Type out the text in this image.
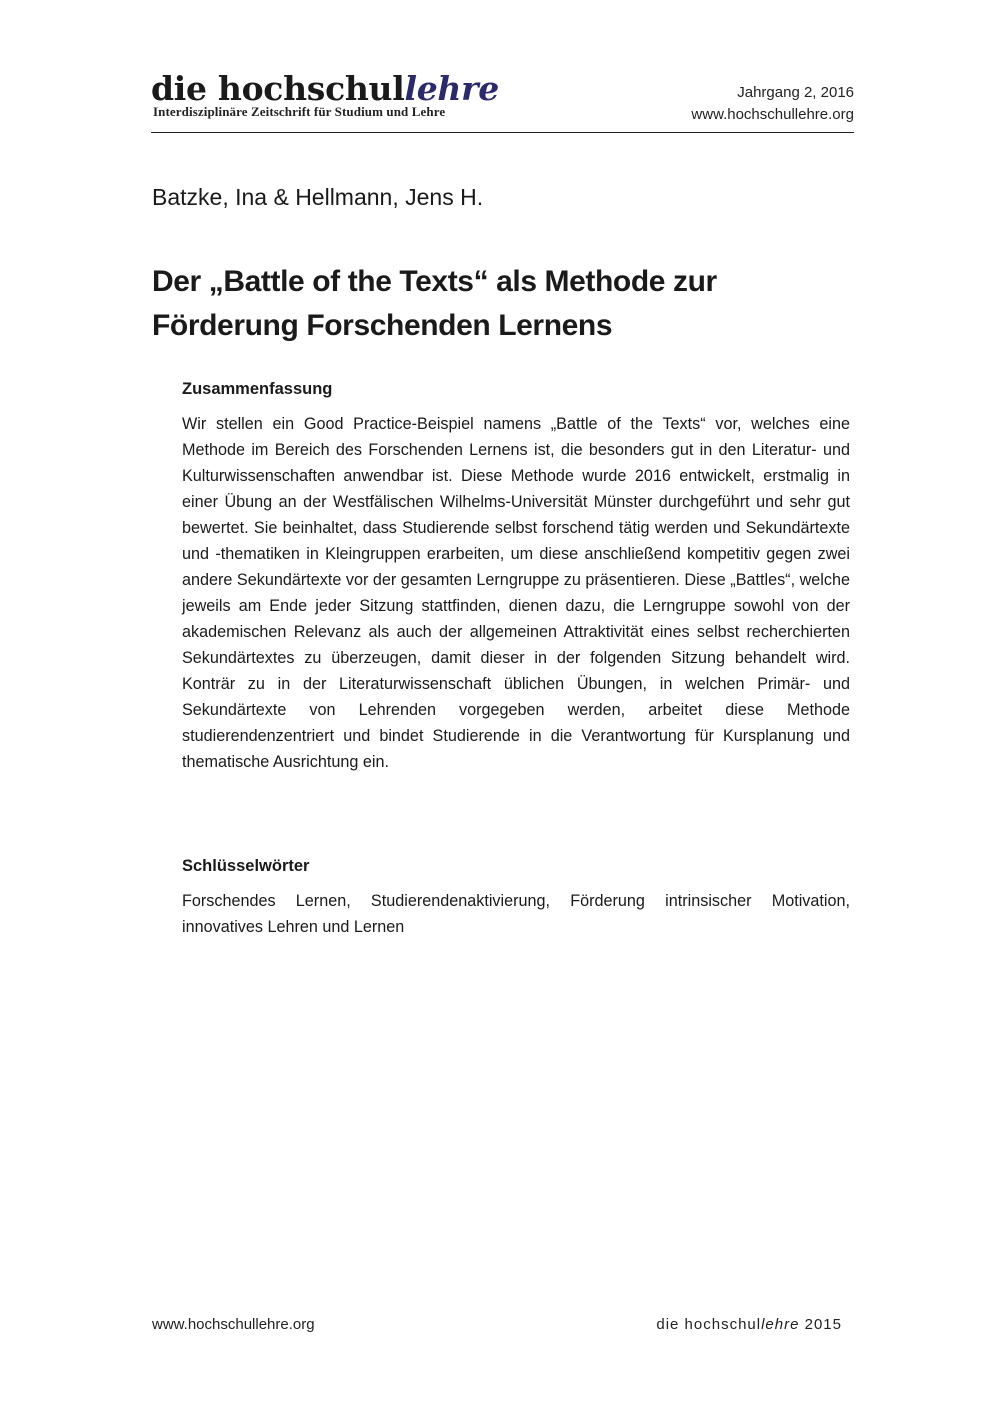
die hochschullehre
Interdisziplinäre Zeitschrift für Studium und Lehre
Jahrgang 2, 2016
www.hochschullehre.org
Batzke, Ina & Hellmann, Jens H.
Der „Battle of the Texts“ als Methode zur Förderung Forschenden Lernens
Zusammenfassung
Wir stellen ein Good Practice-Beispiel namens „Battle of the Texts“ vor, welches eine Methode im Bereich des Forschenden Lernens ist, die besonders gut in den Literatur- und Kulturwissenschaften anwendbar ist. Diese Methode wurde 2016 entwickelt, erstmalig in einer Übung an der Westfälischen Wilhelms-Universität Münster durchgeführt und sehr gut bewertet. Sie beinhaltet, dass Studierende selbst forschend tätig werden und Sekundärtexte und -thematiken in Kleingruppen erarbeiten, um diese anschließend kompetitiv gegen zwei andere Sekundärtexte vor der gesamten Lerngruppe zu präsentieren. Diese „Battles“, welche jeweils am Ende jeder Sitzung stattfinden, dienen dazu, die Lerngruppe sowohl von der akademischen Relevanz als auch der allgemeinen Attraktivität eines selbst recherchierten Sekundärtextes zu überzeugen, damit dieser in der folgenden Sitzung behandelt wird. Konträr zu in der Literaturwissenschaft üblichen Übungen, in welchen Primär- und Sekundärtexte von Lehrenden vorgegeben werden, arbeitet diese Methode studierendenzentriert und bindet Studierende in die Verantwortung für Kursplanung und thematische Ausrichtung ein.
Schlüsselwörter
Forschendes Lernen, Studierendenaktivierung, Förderung intrinsischer Motivation, innovatives Lehren und Lernen
www.hochschullehre.org	die hochschullehre 2015
